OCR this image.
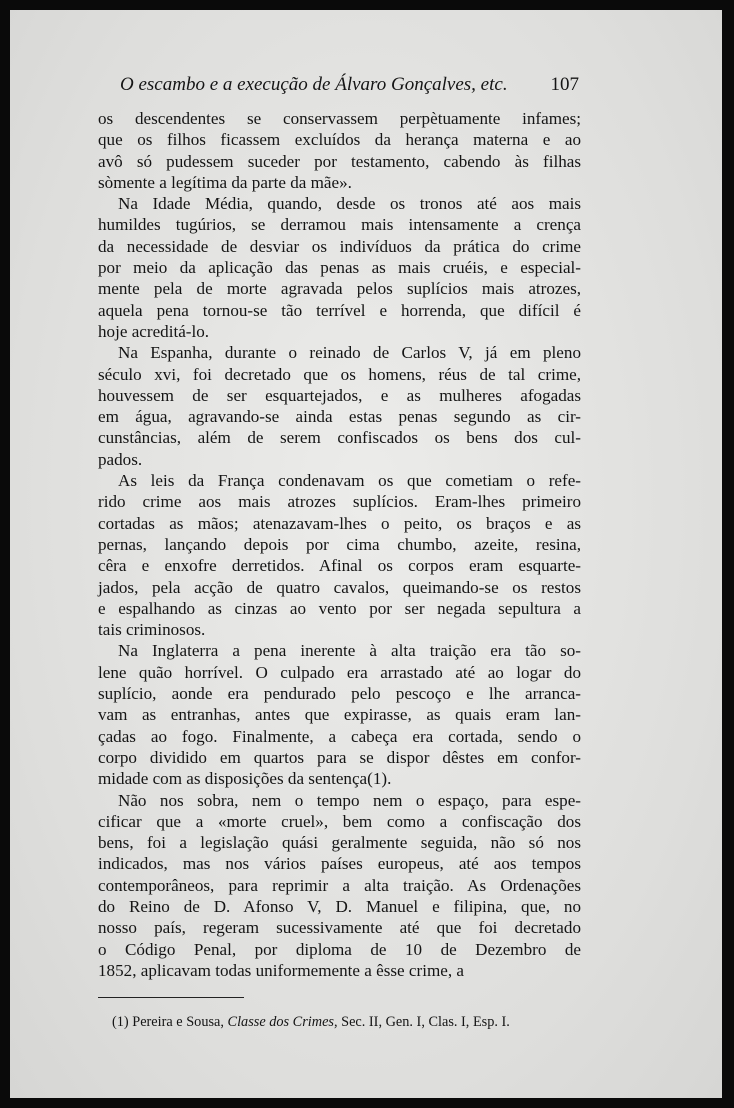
O escambo e a execução de Álvaro Gonçalves, etc. 107

os descendentes se conservassem perpètuamente infames;
que os filhos ficassem excluídos da herança materna e ao
avô só pudessem suceder por testamento, cabendo às filhas
sòmente a legítima da parte da mãe».

Na Idade Média, quando, desde os tronos até aos mais
humildes tugúrios, se derramou mais intensamente a crença
da necessidade de desviar os indivíduos da prática do crime
por meio da aplicação das penas as mais cruéis, e especial-
mente pela de morte agravada pelos suplícios mais atrozes,
aquela pena tornou-se tão terrível e horrenda, que difícil é
hoje acreditá-lo.

Na Espanha, durante o reinado de Carlos V, já em pleno
século xvi, foi decretado que os homens, réus de tal crime,
houvessem de ser esquartejados, e as mulheres afogadas
em água, agravando-se ainda estas penas segundo as cir-
cunstâncias, além de serem confiscados os bens dos cul-
pados.

As leis da França condenavam os que cometiam o refe-
rido crime aos mais atrozes suplícios. Eram-lhes primeiro
cortadas as mãos; atenazavam-lhes o peito, os braços e as
pernas, lançando depois por cima chumbo, azeite, resina,
cêra e enxofre derretidos. Afinal os corpos eram esquarte-
jados, pela acção de quatro cavalos, queimando-se os restos
e espalhando as cinzas ao vento por ser negada sepultura a
tais criminosos.

Na Inglaterra a pena inerente à alta traição era tão so-
lene quão horrível. O culpado era arrastado até ao logar do
suplício, aonde era pendurado pelo pescoço e lhe arranca-
vam as entranhas, antes que expirasse, as quais eram lan-
çadas ao fogo. Finalmente, a cabeça era cortada, sendo o
corpo dividido em quartos para se dispor dêstes em confor-
midade com as disposições da sentença(1).

Não nos sobra, nem o tempo nem o espaço, para espe-
cificar que a «morte cruel», bem como a confiscação dos
bens, foi a legislação quási geralmente seguida, não só nos
indicados, mas nos vários países europeus, até aos tempos
contemporâneos, para reprimir a alta traição. As Ordenações
do Reino de D. Afonso V, D. Manuel e filipina, que, no
nosso país, regeram sucessivamente até que foi decretado
o Código Penal, por diploma de 10 de Dezembro de
1852, aplicavam todas uniformemente a êsse crime, a

(1) Pereira e Sousa, Classe dos Crimes, Sec. II, Gen. I, Clas. I, Esp. I.
